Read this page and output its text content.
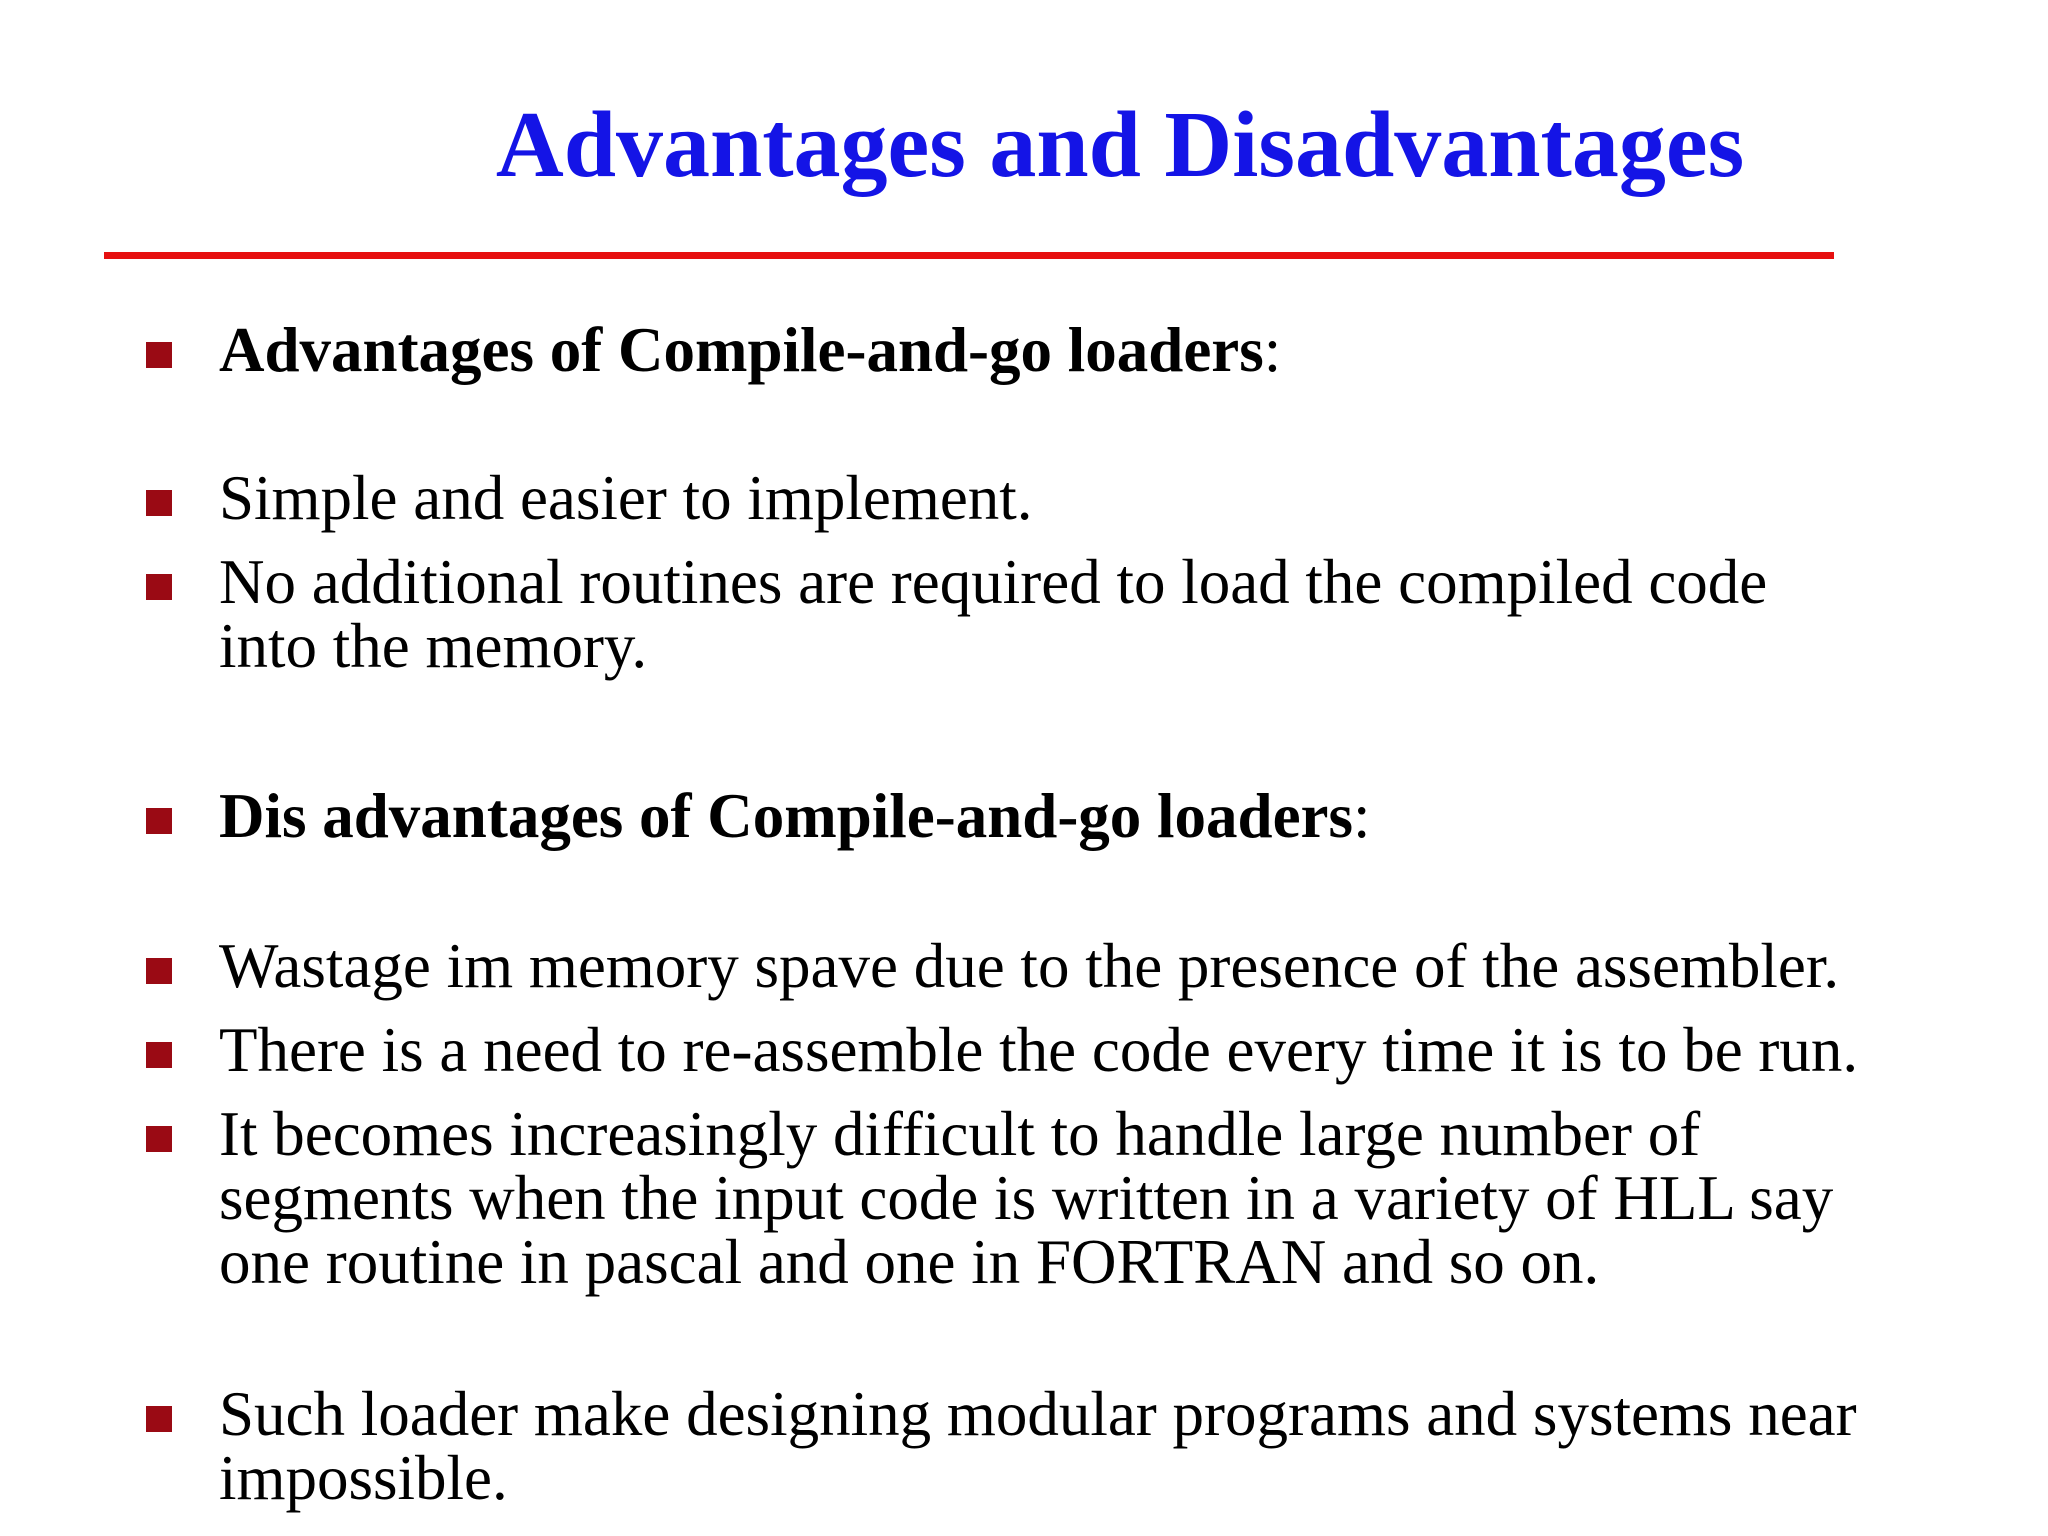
Advantages and Disadvantages
Advantages of Compile-and-go loaders:
Simple and easier to implement.
No additional routines are required to load the compiled code
into the memory.
Dis advantages of Compile-and-go loaders:
Wastage im memory spave due to the presence of the assembler.
There is a need to re-assemble the code every time it is to be run.
It becomes increasingly difficult to handle large number of
segments when the input code is written in a variety of HLL say
one routine in pascal and one in FORTRAN and so on.
Such loader make designing modular programs and systems near
impossible.
